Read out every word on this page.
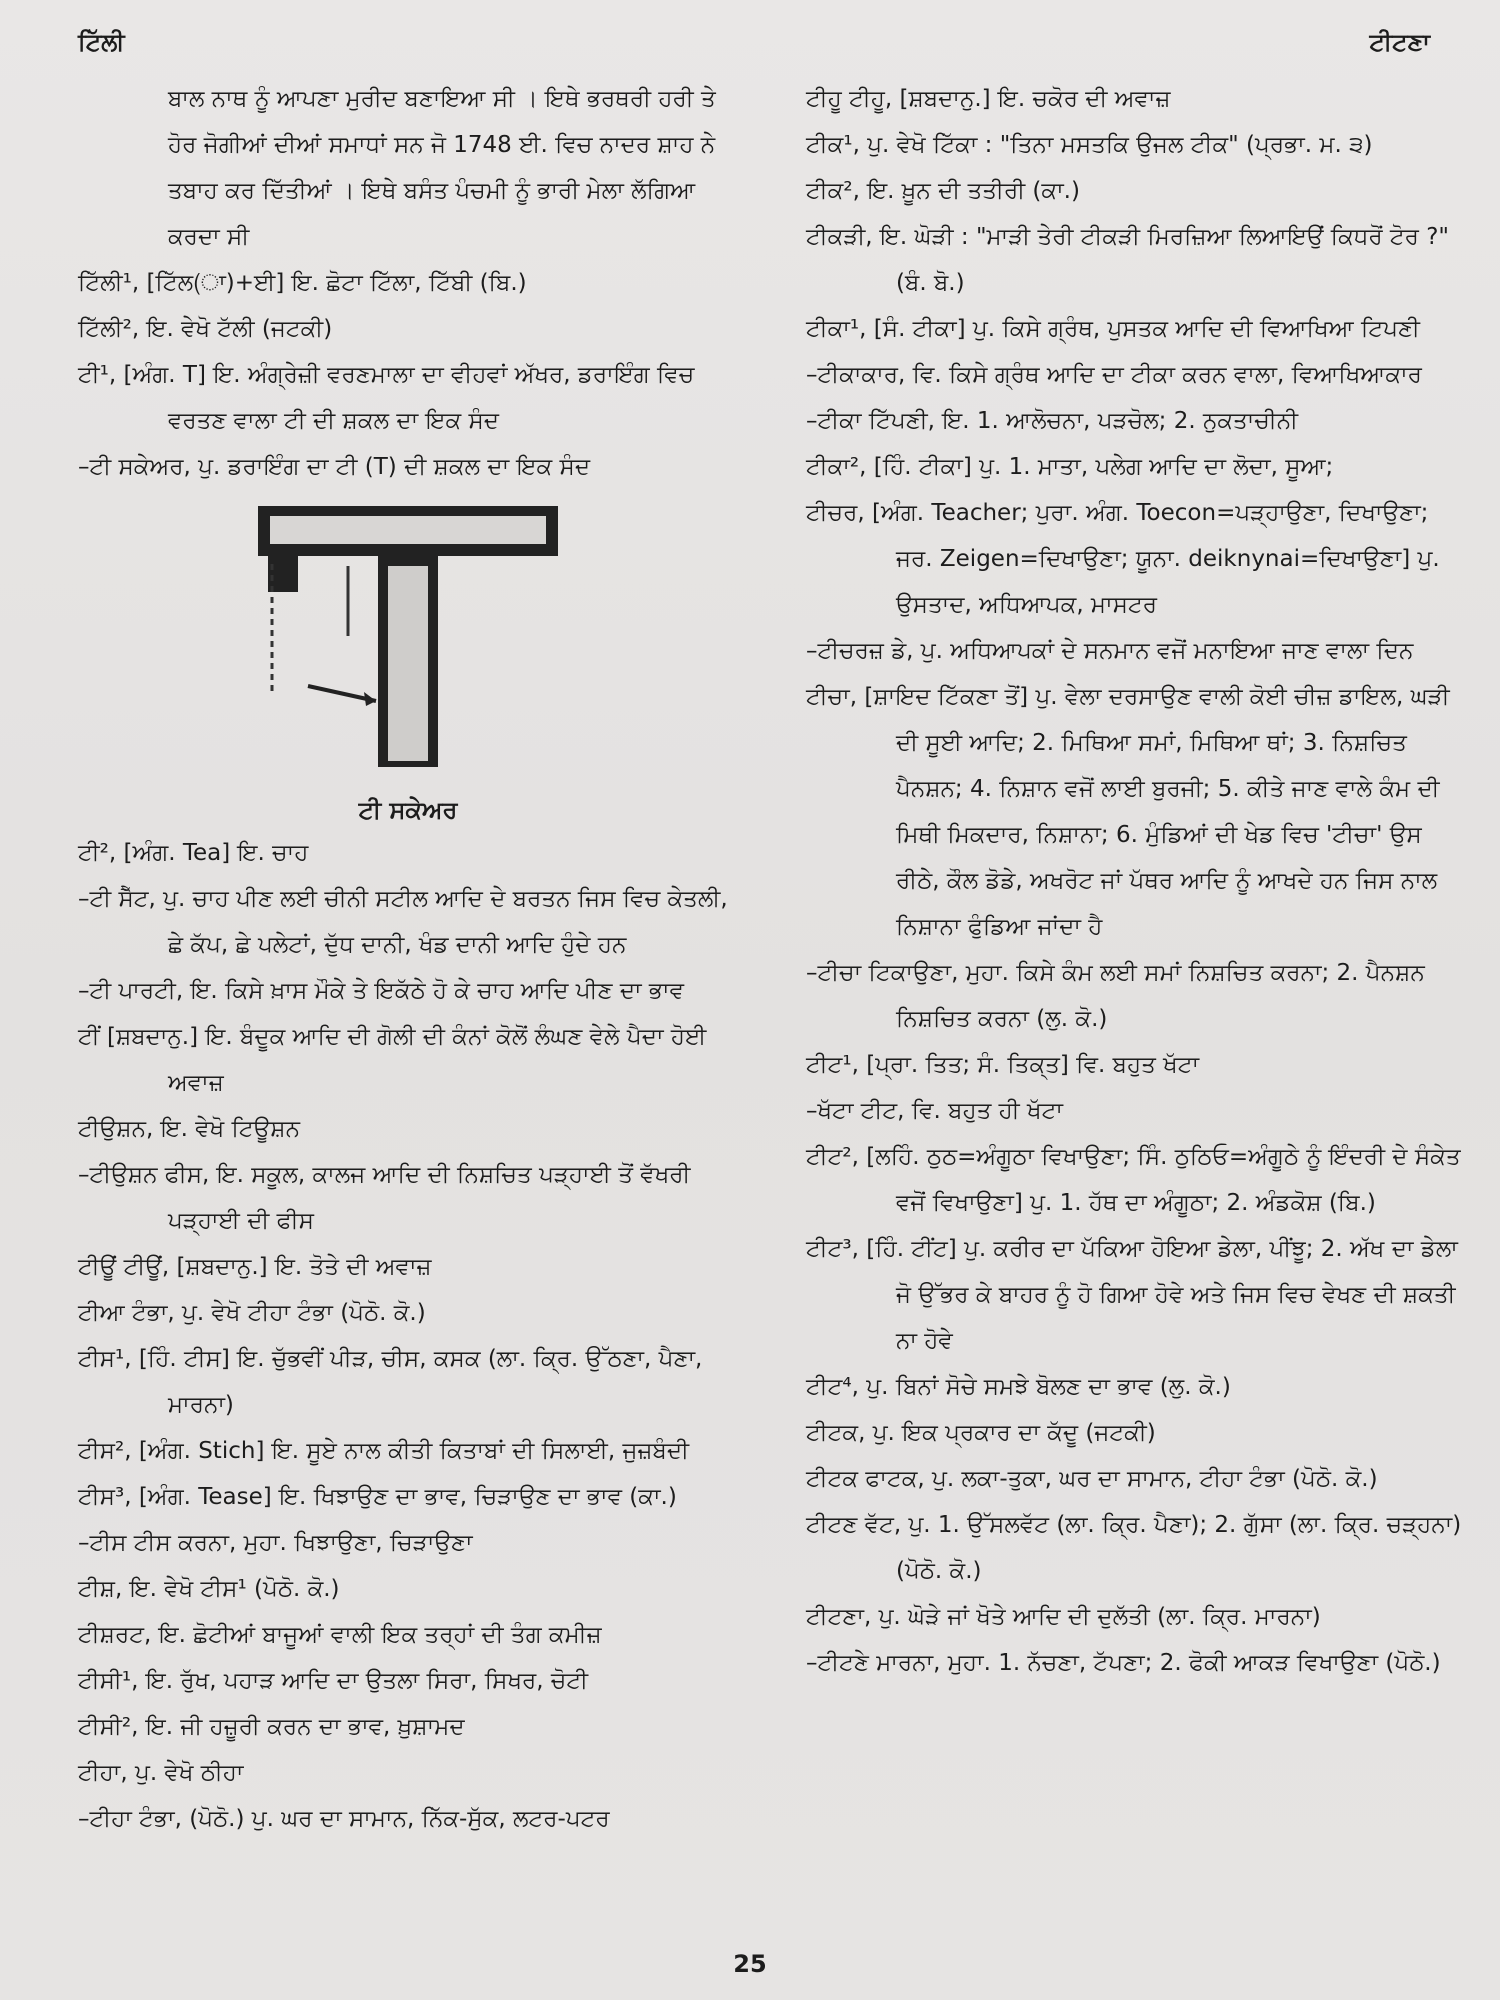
ਟਿੱਲੀ	ਟੀਟਣਾ

ਬਾਲ ਨਾਥ ਨੂੰ ਆਪਣਾ ਮੁਰੀਦ ਬਣਾਇਆ ਸੀ । ਇਥੇ ਭਰਥਰੀ ਹਰੀ ਤੇ ਹੋਰ ਜੋਗੀਆਂ ਦੀਆਂ ਸਮਾਧਾਂ ਸਨ ਜੋ 1748 ਈ. ਵਿਚ ਨਾਦਰ ਸ਼ਾਹ ਨੇ ਤਬਾਹ ਕਰ ਦਿੱਤੀਆਂ । ਇਥੇ ਬਸੰਤ ਪੰਚਮੀ ਨੂੰ ਭਾਰੀ ਮੇਲਾ ਲੱਗਿਆ ਕਰਦਾ ਸੀ

ਟਿੱਲੀ¹, [ਟਿੱਲ(ਾ)+ਈ] ਇ. ਛੋਟਾ ਟਿੱਲਾ, ਟਿੱਬੀ (ਬਿ.)

ਟਿੱਲੀ², ਇ. ਵੇਖੋ ਟੱਲੀ (ਜਟਕੀ)

ਟੀ¹, [ਅੰਗ. T] ਇ. ਅੰਗ੍ਰੇਜ਼ੀ ਵਰਣਮਾਲਾ ਦਾ ਵੀਹਵਾਂ ਅੱਖਰ, ਡਰਾਇੰਗ ਵਿਚ ਵਰਤਣ ਵਾਲਾ ਟੀ ਦੀ ਸ਼ਕਲ ਦਾ ਇਕ ਸੰਦ

–ਟੀ ਸਕੇਅਰ, ਪੁ. ਡਰਾਇੰਗ ਦਾ ਟੀ (T) ਦੀ ਸ਼ਕਲ ਦਾ ਇਕ ਸੰਦ

ਟੀ ਸਕੇਅਰ

ਟੀ², [ਅੰਗ. Tea] ਇ. ਚਾਹ

–ਟੀ ਸੈੱਟ, ਪੁ. ਚਾਹ ਪੀਣ ਲਈ ਚੀਨੀ ਸਟੀਲ ਆਦਿ ਦੇ ਬਰਤਨ ਜਿਸ ਵਿਚ ਕੇਤਲੀ, ਛੇ ਕੱਪ, ਛੇ ਪਲੇਟਾਂ, ਦੁੱਧ ਦਾਨੀ, ਖੰਡ ਦਾਨੀ ਆਦਿ ਹੁੰਦੇ ਹਨ

–ਟੀ ਪਾਰਟੀ, ਇ. ਕਿਸੇ ਖ਼ਾਸ ਮੌਕੇ ਤੇ ਇਕੱਠੇ ਹੋ ਕੇ ਚਾਹ ਆਦਿ ਪੀਣ ਦਾ ਭਾਵ

ਟੀਂ [ਸ਼ਬਦਾਨੁ.] ਇ. ਬੰਦੂਕ ਆਦਿ ਦੀ ਗੋਲੀ ਦੀ ਕੰਨਾਂ ਕੋਲੋਂ ਲੰਘਣ ਵੇਲੇ ਪੈਦਾ ਹੋਈ ਅਵਾਜ਼

ਟੀਉਸ਼ਨ, ਇ. ਵੇਖੋ ਟਿਊਸ਼ਨ

–ਟੀਉਸ਼ਨ ਫੀਸ, ਇ. ਸਕੂਲ, ਕਾਲਜ ਆਦਿ ਦੀ ਨਿਸ਼ਚਿਤ ਪੜ੍ਹਾਈ ਤੋਂ ਵੱਖਰੀ ਪੜ੍ਹਾਈ ਦੀ ਫੀਸ

ਟੀਊਂ ਟੀਊਂ, [ਸ਼ਬਦਾਨੁ.] ਇ. ਤੋਤੇ ਦੀ ਅਵਾਜ਼

ਟੀਆ ਟੰਭਾ, ਪੁ. ਵੇਖੋ ਟੀਹਾ ਟੰਭਾ (ਪੋਠੋ. ਕੋ.)

ਟੀਸ¹, [ਹਿੰ. ਟੀਸ] ਇ. ਚੁੱਭਵੀਂ ਪੀੜ, ਚੀਸ, ਕਸਕ (ਲਾ. ਕ੍ਰਿ. ਉੱਠਣਾ, ਪੈਣਾ, ਮਾਰਨਾ)

ਟੀਸ², [ਅੰਗ. Stich] ਇ. ਸੂਏ ਨਾਲ ਕੀਤੀ ਕਿਤਾਬਾਂ ਦੀ ਸਿਲਾਈ, ਜੁਜ਼ਬੰਦੀ

ਟੀਸ³, [ਅੰਗ. Tease] ਇ. ਖਿਝਾਉਣ ਦਾ ਭਾਵ, ਚਿੜਾਉਣ ਦਾ ਭਾਵ (ਕਾ.)

–ਟੀਸ ਟੀਸ ਕਰਨਾ, ਮੁਹਾ. ਖਿਝਾਉਣਾ, ਚਿੜਾਉਣਾ

ਟੀਸ਼, ਇ. ਵੇਖੋ ਟੀਸ¹ (ਪੋਠੋ. ਕੋ.)

ਟੀਸ਼ਰਟ, ਇ. ਛੋਟੀਆਂ ਬਾਜੂਆਂ ਵਾਲੀ ਇਕ ਤਰ੍ਹਾਂ ਦੀ ਤੰਗ ਕਮੀਜ਼

ਟੀਸੀ¹, ਇ. ਰੁੱਖ, ਪਹਾੜ ਆਦਿ ਦਾ ਉਤਲਾ ਸਿਰਾ, ਸਿਖਰ, ਚੋਟੀ

ਟੀਸੀ², ਇ. ਜੀ ਹਜ਼ੂਰੀ ਕਰਨ ਦਾ ਭਾਵ, ਖ਼ੁਸ਼ਾਮਦ

ਟੀਹਾ, ਪੁ. ਵੇਖੋ ਠੀਹਾ

–ਟੀਹਾ ਟੰਭਾ, (ਪੋਠੋ.) ਪੁ. ਘਰ ਦਾ ਸਾਮਾਨ, ਨਿੱਕ-ਸੁੱਕ, ਲਟਰ-ਪਟਰ

ਟੀਹੂ ਟੀਹੂ, [ਸ਼ਬਦਾਨੁ.] ਇ. ਚਕੋਰ ਦੀ ਅਵਾਜ਼

ਟੀਕ¹, ਪੁ. ਵੇਖੋ ਟਿੱਕਾ : "ਤਿਨਾ ਮਸਤਕਿ ਉਜਲ ਟੀਕ" (ਪ੍ਰਭਾ. ਮ. ੩)

ਟੀਕ², ਇ. ਖ਼ੂਨ ਦੀ ਤਤੀਰੀ (ਕਾ.)

ਟੀਕੜੀ, ਇ. ਘੋੜੀ : "ਮਾੜੀ ਤੇਰੀ ਟੀਕੜੀ ਮਿਰਜ਼ਿਆ ਲਿਆਇਉਂ ਕਿਧਰੋਂ ਟੋਰ ?" (ਬੰ. ਬੋ.)

ਟੀਕਾ¹, [ਸੰ. ਟੀਕਾ] ਪੁ. ਕਿਸੇ ਗ੍ਰੰਥ, ਪੁਸਤਕ ਆਦਿ ਦੀ ਵਿਆਖਿਆ ਟਿਪਣੀ

–ਟੀਕਾਕਾਰ, ਵਿ. ਕਿਸੇ ਗ੍ਰੰਥ ਆਦਿ ਦਾ ਟੀਕਾ ਕਰਨ ਵਾਲਾ, ਵਿਆਖਿਆਕਾਰ

–ਟੀਕਾ ਟਿੱਪਣੀ, ਇ. 1. ਆਲੋਚਨਾ, ਪੜਚੋਲ; 2. ਨੁਕਤਾਚੀਨੀ

ਟੀਕਾ², [ਹਿੰ. ਟੀਕਾ] ਪੁ. 1. ਮਾਤਾ, ਪਲੇਗ ਆਦਿ ਦਾ ਲੋਦਾ, ਸੂਆ;

ਟੀਚਰ, [ਅੰਗ. Teacher; ਪੁਰਾ. ਅੰਗ. Toecon=ਪੜ੍ਹਾਉਣਾ, ਦਿਖਾਉਣਾ; ਜਰ. Zeigen=ਦਿਖਾਉਣਾ; ਯੂਨਾ. deiknynai=ਦਿਖਾਉਣਾ] ਪੁ. ਉਸਤਾਦ, ਅਧਿਆਪਕ, ਮਾਸਟਰ

–ਟੀਚਰਜ਼ ਡੇ, ਪੁ. ਅਧਿਆਪਕਾਂ ਦੇ ਸਨਮਾਨ ਵਜੋਂ ਮਨਾਇਆ ਜਾਣ ਵਾਲਾ ਦਿਨ

ਟੀਚਾ, [ਸ਼ਾਇਦ ਟਿੱਕਣਾ ਤੋਂ] ਪੁ. ਵੇਲਾ ਦਰਸਾਉਣ ਵਾਲੀ ਕੋਈ ਚੀਜ਼ ਡਾਇਲ, ਘੜੀ ਦੀ ਸੂਈ ਆਦਿ; 2. ਮਿਥਿਆ ਸਮਾਂ, ਮਿਥਿਆ ਥਾਂ; 3. ਨਿਸ਼ਚਿਤ ਪੈਨਸ਼ਨ; 4. ਨਿਸ਼ਾਨ ਵਜੋਂ ਲਾਈ ਬੁਰਜੀ; 5. ਕੀਤੇ ਜਾਣ ਵਾਲੇ ਕੰਮ ਦੀ ਮਿਥੀ ਮਿਕਦਾਰ, ਨਿਸ਼ਾਨਾ; 6. ਮੁੰਡਿਆਂ ਦੀ ਖੇਡ ਵਿਚ 'ਟੀਚਾ' ਉਸ ਰੀਠੇ, ਕੌਲ ਡੋਡੇ, ਅਖਰੋਟ ਜਾਂ ਪੱਥਰ ਆਦਿ ਨੂੰ ਆਖਦੇ ਹਨ ਜਿਸ ਨਾਲ ਨਿਸ਼ਾਨਾ ਫੁੰਡਿਆ ਜਾਂਦਾ ਹੈ

–ਟੀਚਾ ਟਿਕਾਉਣਾ, ਮੁਹਾ. ਕਿਸੇ ਕੰਮ ਲਈ ਸਮਾਂ ਨਿਸ਼ਚਿਤ ਕਰਨਾ; 2. ਪੈਨਸ਼ਨ ਨਿਸ਼ਚਿਤ ਕਰਨਾ (ਲੁ. ਕੋ.)

ਟੀਟ¹, [ਪ੍ਰਾ. ਤਿਤ; ਸੰ. ਤਿਕ੍ਤ] ਵਿ. ਬਹੁਤ ਖੱਟਾ

–ਖੱਟਾ ਟੀਟ, ਵਿ. ਬਹੁਤ ਹੀ ਖੱਟਾ

ਟੀਟ², [ਲਹਿੰ. ਠੁਠ=ਅੰਗੂਠਾ ਵਿਖਾਉਣਾ; ਸਿੰ. ਠੁਠਿਓ=ਅੰਗੂਠੇ ਨੂੰ ਇੰਦਰੀ ਦੇ ਸੰਕੇਤ ਵਜੋਂ ਵਿਖਾਉਣਾ] ਪੁ. 1. ਹੱਥ ਦਾ ਅੰਗੂਠਾ; 2. ਅੰਡਕੋਸ਼ (ਬਿ.)

ਟੀਟ³, [ਹਿੰ. ਟੀਂਟ] ਪੁ. ਕਰੀਰ ਦਾ ਪੱਕਿਆ ਹੋਇਆ ਡੇਲਾ, ਪੀਂਝੂ; 2. ਅੱਖ ਦਾ ਡੇਲਾ ਜੋ ਉੱਭਰ ਕੇ ਬਾਹਰ ਨੂੰ ਹੋ ਗਿਆ ਹੋਵੇ ਅਤੇ ਜਿਸ ਵਿਚ ਵੇਖਣ ਦੀ ਸ਼ਕਤੀ ਨਾ ਹੋਵੇ

ਟੀਟ⁴, ਪੁ. ਬਿਨਾਂ ਸੋਚੇ ਸਮਝੇ ਬੋਲਣ ਦਾ ਭਾਵ (ਲੁ. ਕੋ.)

ਟੀਟਕ, ਪੁ. ਇਕ ਪ੍ਰਕਾਰ ਦਾ ਕੱਦੂ (ਜਟਕੀ)

ਟੀਟਕ ਫਾਟਕ, ਪੁ. ਲਕਾ-ਤੁਕਾ, ਘਰ ਦਾ ਸਾਮਾਨ, ਟੀਹਾ ਟੰਭਾ (ਪੋਠੋ. ਕੋ.)

ਟੀਟਣ ਵੱਟ, ਪੁ. 1. ਉੱਸਲਵੱਟ (ਲਾ. ਕ੍ਰਿ. ਪੈਣਾ); 2. ਗੁੱਸਾ (ਲਾ. ਕ੍ਰਿ. ਚੜ੍ਹਨਾ) (ਪੋਠੋ. ਕੋ.)

ਟੀਟਣਾ, ਪੁ. ਘੋੜੇ ਜਾਂ ਖੋਤੇ ਆਦਿ ਦੀ ਦੁਲੱਤੀ (ਲਾ. ਕ੍ਰਿ. ਮਾਰਨਾ)

–ਟੀਟਣੇ ਮਾਰਨਾ, ਮੁਹਾ. 1. ਨੱਚਣਾ, ਟੱਪਣਾ; 2. ਫੋਕੀ ਆਕੜ ਵਿਖਾਉਣਾ (ਪੋਠੋ.)

25
